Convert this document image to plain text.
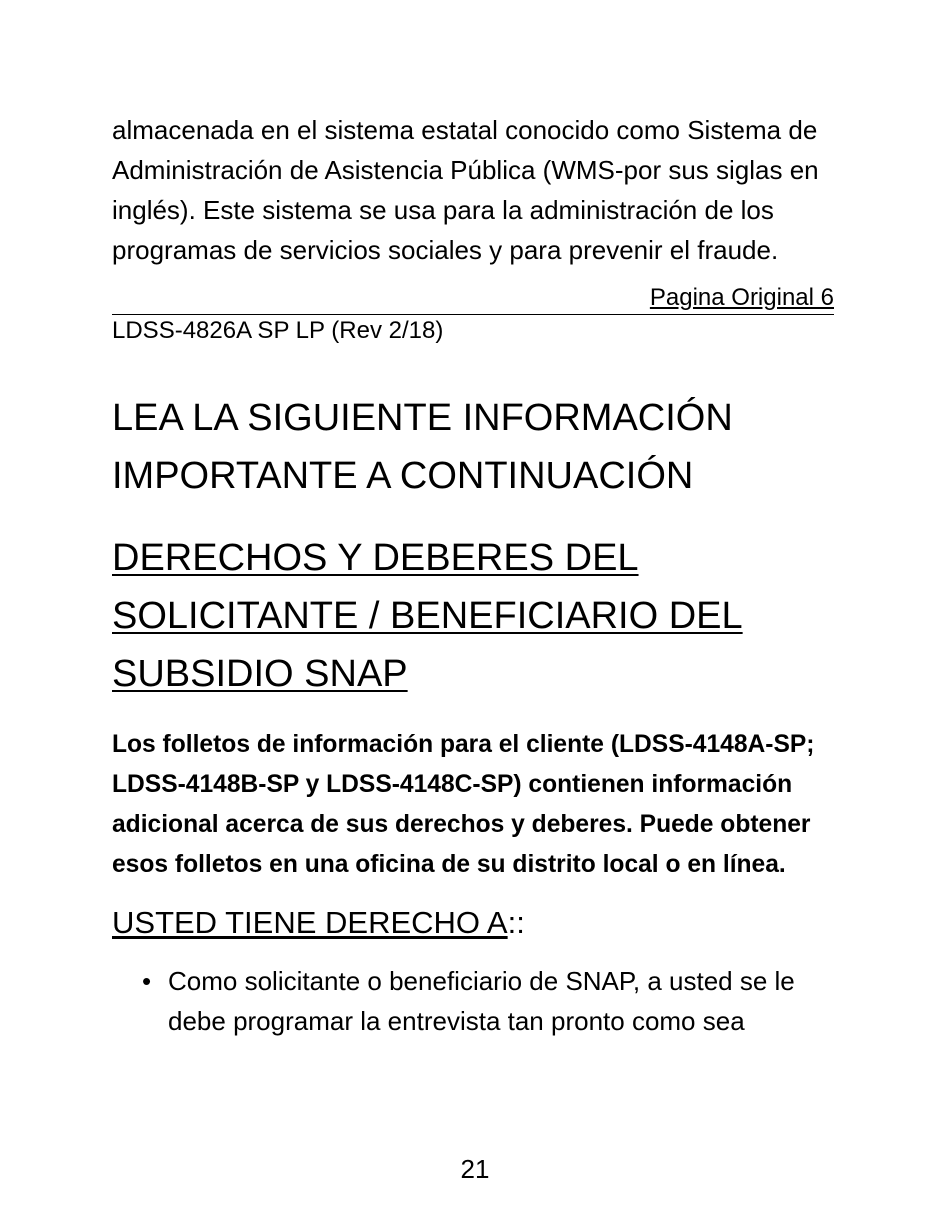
almacenada en el sistema estatal conocido como Sistema de Administración de Asistencia Pública (WMS-por sus siglas en inglés). Este sistema se usa para la administración de los programas de servicios sociales y para prevenir el fraude.

Pagina Original 6
LDSS-4826A SP LP (Rev 2/18)
LEA LA SIGUIENTE INFORMACIÓN IMPORTANTE A CONTINUACIÓN
DERECHOS Y DEBERES DEL SOLICITANTE / BENEFICIARIO DEL SUBSIDIO SNAP

Los folletos de información para el cliente (LDSS-4148A-SP; LDSS-4148B-SP y LDSS-4148C-SP) contienen información adicional acerca de sus derechos y deberes. Puede obtener esos folletos en una oficina de su distrito local o en línea.

USTED TIENE DERECHO A::
• Como solicitante o beneficiario de SNAP, a usted se le debe programar la entrevista tan pronto como sea
21
